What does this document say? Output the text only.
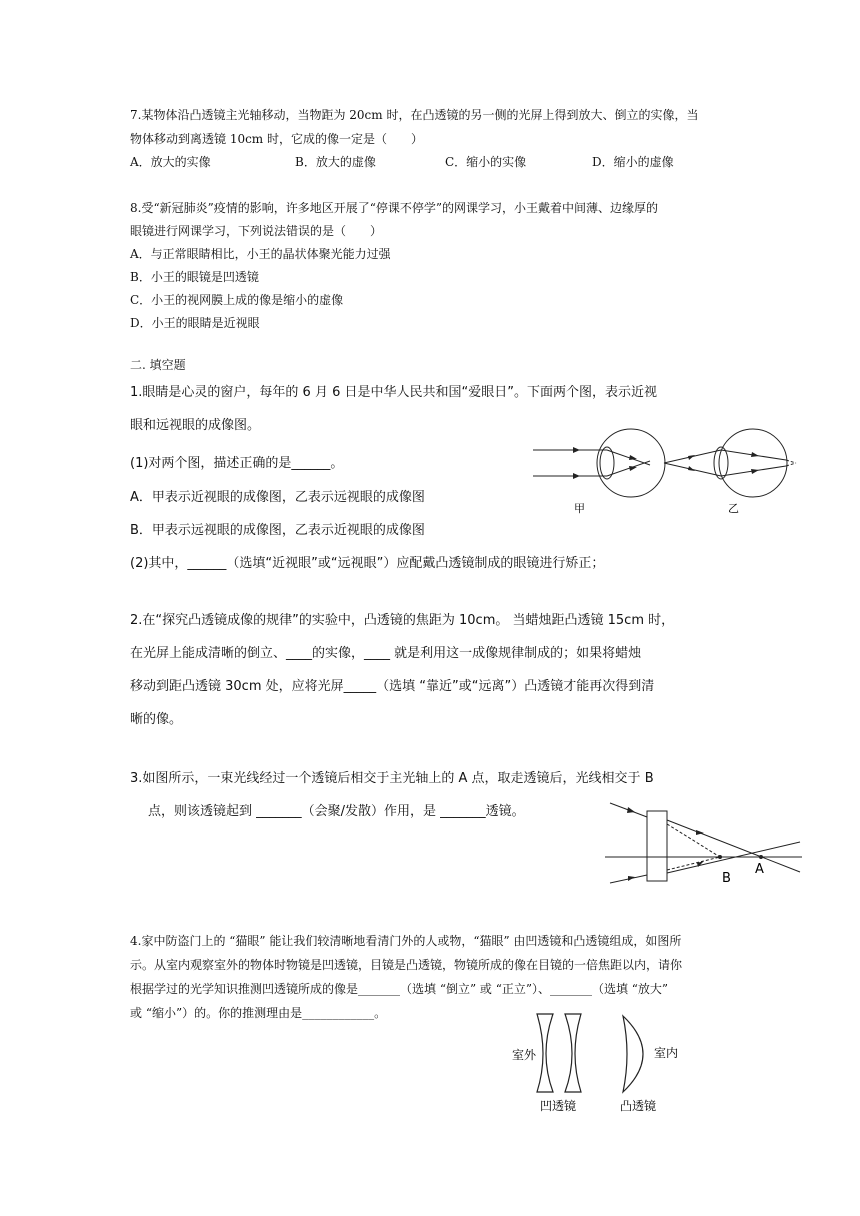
7.某物体沿凸透镜主光轴移动，当物距为 20cm 时，在凸透镜的另一侧的光屏上得到放大、倒立的实像，当
物体移动到离透镜 10cm 时，它成的像一定是（　　）
A．放大的实像	B．放大的虚像	C．缩小的实像	D．缩小的虚像
8.受“新冠肺炎”疫情的影响，许多地区开展了“停课不停学”的网课学习，小王戴着中间薄、边缘厚的
眼镜进行网课学习，下列说法错误的是（　　）
A．与正常眼睛相比，小王的晶状体聚光能力过强
B．小王的眼镜是凹透镜
C．小王的视网膜上成的像是缩小的虚像
D．小王的眼睛是近视眼
二. 填空题
1.眼睛是心灵的窗户，每年的 6 月 6 日是中华人民共和国“爱眼日”。下面两个图，表示近视
眼和远视眼的成像图。
(1)对两个图，描述正确的是______。
A．甲表示近视眼的成像图，乙表示远视眼的成像图
B．甲表示远视眼的成像图，乙表示近视眼的成像图
(2)其中，______（选填“近视眼”或“远视眼”）应配戴凸透镜制成的眼镜进行矫正；
甲	乙
2.在“探究凸透镜成像的规律”的实验中，凸透镜的焦距为 10cm。 当蜡烛距凸透镜 15cm 时，
在光屏上能成清晰的倒立、____的实像，____ 就是利用这一成像规律制成的；如果将蜡烛
移动到距凸透镜 30cm 处，应将光屏_____（选填 “靠近”或“远离”）凸透镜才能再次得到清
晰的像。
3.如图所示，一束光线经过一个透镜后相交于主光轴上的 A 点，取走透镜后，光线相交于 B
点，则该透镜起到 _______（会聚/发散）作用，是 _______透镜。
B
A
4.家中防盗门上的 “猫眼” 能让我们较清晰地看清门外的人或物，“猫眼” 由凹透镜和凸透镜组成，如图所
示。从室内观察室外的物体时物镜是凹透镜，目镜是凸透镜，物镜所成的像在目镜的一倍焦距以内，请你
根据学过的光学知识推测凹透镜所成的像是_______（选填 “倒立” 或 “正立”）、_______（选填 “放大”
或 “缩小”）的。你的推测理由是____________。
室外	室内
凹透镜	凸透镜
